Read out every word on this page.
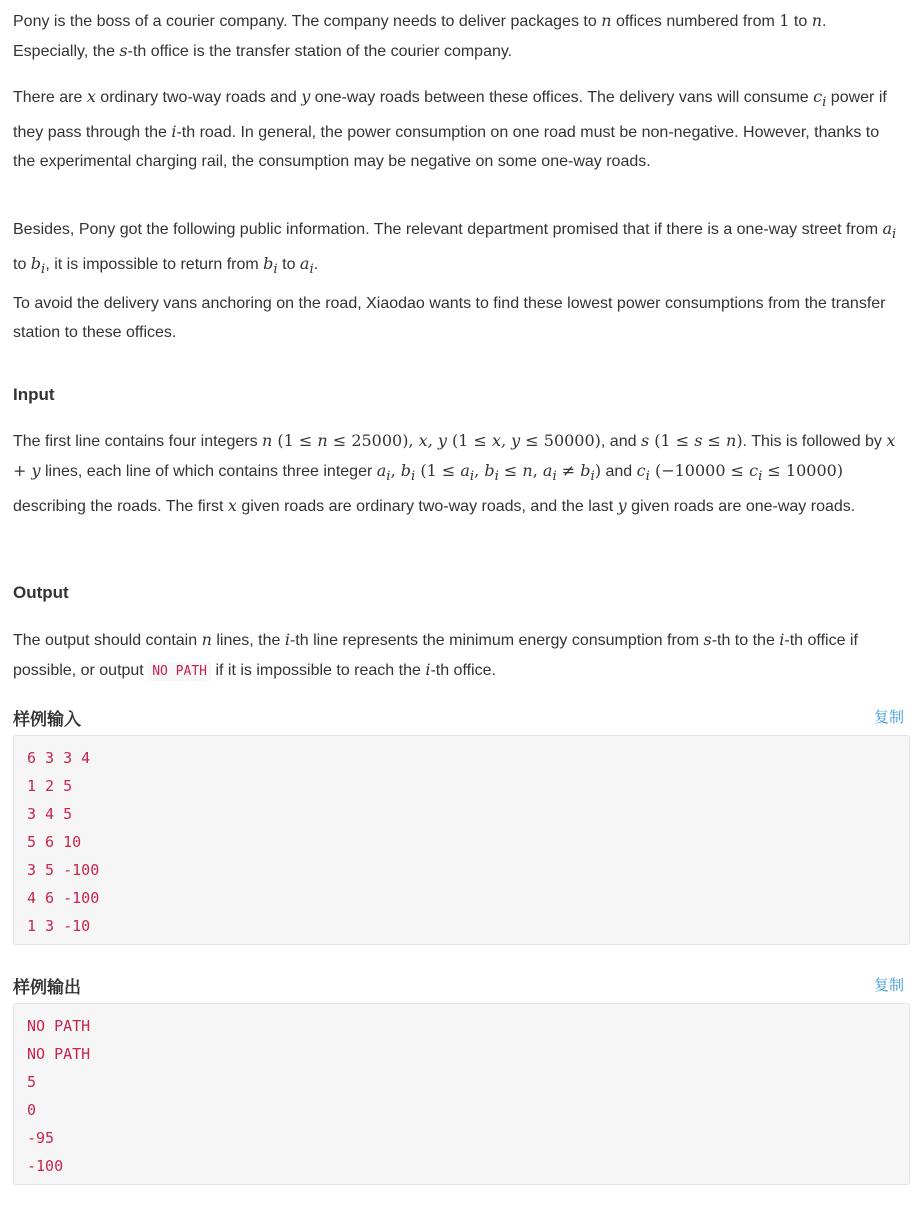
Pony is the boss of a courier company. The company needs to deliver packages to n offices numbered from 1 to n. Especially, the s-th office is the transfer station of the courier company.

There are x ordinary two-way roads and y one-way roads between these offices. The delivery vans will consume $c_i$ power if they pass through the i-th road. In general, the power consumption on one road must be non-negative. However, thanks to the experimental charging rail, the consumption may be negative on some one-way roads.

Besides, Pony got the following public information. The relevant department promised that if there is a one-way street from $a_i$ to $b_i$, it is impossible to return from $b_i$ to $a_i$.

To avoid the delivery vans anchoring on the road, Xiaodao wants to find these lowest power consumptions from the transfer station to these offices.

Input

The first line contains four integers n (1 ≤ n ≤ 25000), x, y (1 ≤ x, y ≤ 50000), and s (1 ≤ s ≤ n). This is followed by x + y lines, each line of which contains three integer $a_i$, $b_i$ ($1 \le a_i$, $b_i \le n$, $a_i \ne b_i$) and $c_i$ $(-10000 \le c_i \le 10000)$ describing the roads. The first x given roads are ordinary two-way roads, and the last y given roads are one-way roads.

Output

The output should contain n lines, the i-th line represents the minimum energy consumption from s-th to the i-th office if possible, or output NO PATH if it is impossible to reach the i-th office.

样例输入	复制
6 3 3 4
1 2 5
3 4 5
5 6 10
3 5 -100
4 6 -100
1 3 -10
样例输出	复制
NO PATH
NO PATH
5
0
-95
-100
